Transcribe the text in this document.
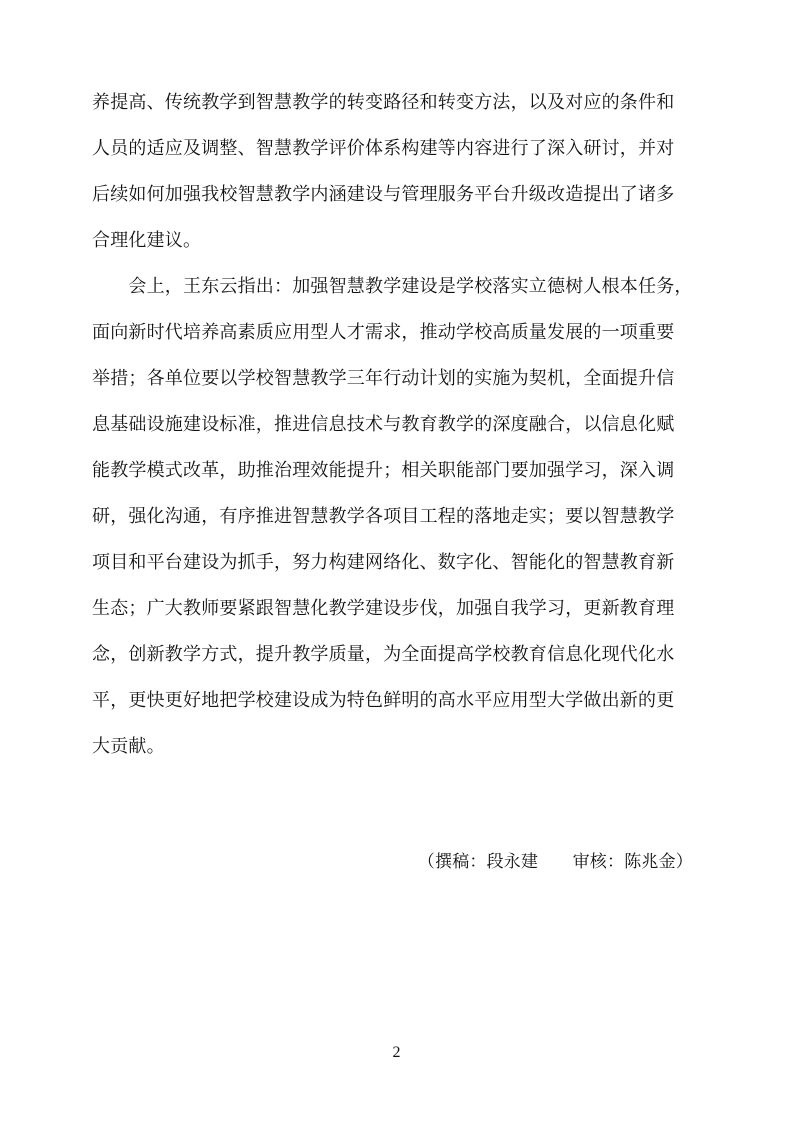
养提高、传统教学到智慧教学的转变路径和转变方法，以及对应的条件和
人员的适应及调整、智慧教学评价体系构建等内容进行了深入研讨，并对
后续如何加强我校智慧教学内涵建设与管理服务平台升级改造提出了诸多
合理化建议。
　　会上，王东云指出：加强智慧教学建设是学校落实立德树人根本任务，
面向新时代培养高素质应用型人才需求，推动学校高质量发展的一项重要
举措；各单位要以学校智慧教学三年行动计划的实施为契机，全面提升信
息基础设施建设标准，推进信息技术与教育教学的深度融合，以信息化赋
能教学模式改革，助推治理效能提升；相关职能部门要加强学习，深入调
研，强化沟通，有序推进智慧教学各项目工程的落地走实；要以智慧教学
项目和平台建设为抓手，努力构建网络化、数字化、智能化的智慧教育新
生态；广大教师要紧跟智慧化教学建设步伐，加强自我学习，更新教育理
念，创新教学方式，提升教学质量，为全面提高学校教育信息化现代化水
平，更快更好地把学校建设成为特色鲜明的高水平应用型大学做出新的更
大贡献。
（撰稿：段永建　　审核：陈兆金）
2
